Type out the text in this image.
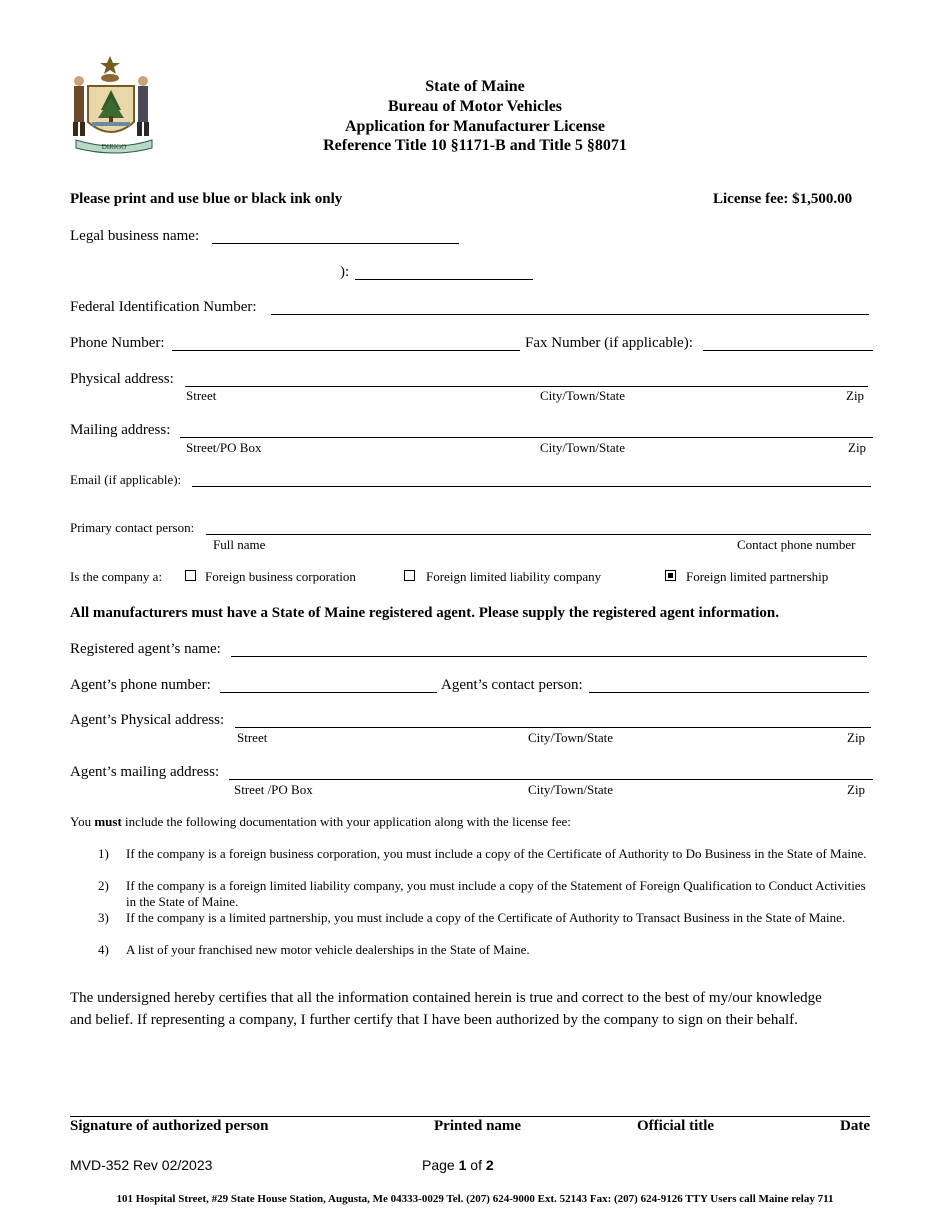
DIRIGO
State of Maine
Bureau of Motor Vehicles
Application for Manufacturer License
Reference Title 10 §1171-B and Title 5 §8071
Please print and use blue or black ink only	License fee: $1,500.00
Legal business name:
):
Federal Identification Number:
Phone Number:	Fax Number (if applicable):
Physical address:
Street	City/Town/State	Zip
Mailing address:
Street/PO Box	City/Town/State	Zip
Email (if applicable):
Primary contact person:
Full name	Contact phone number
Is the company a:	Foreign business corporation	Foreign limited liability company	Foreign limited partnership
All manufacturers must have a State of Maine registered agent. Please supply the registered agent information.
Registered agent’s name:
Agent’s phone number:	Agent’s contact person:
Agent’s Physical address:
Street	City/Town/State	Zip
Agent’s mailing address:
Street /PO Box	City/Town/State	Zip
You must include the following documentation with your application along with the license fee:
1) If the company is a foreign business corporation, you must include a copy of the Certificate of Authority to Do Business in the State of Maine.
2) If the company is a foreign limited liability company, you must include a copy of the Statement of Foreign Qualification to Conduct Activities in the State of Maine.
3) If the company is a limited partnership, you must include a copy of the Certificate of Authority to Transact Business in the State of Maine.
4) A list of your franchised new motor vehicle dealerships in the State of Maine.
The undersigned hereby certifies that all the information contained herein is true and correct to the best of my/our knowledge
and belief. If representing a company, I further certify that I have been authorized by the company to sign on their behalf.
Signature of authorized person	Printed name	Official title	Date
MVD-352 Rev 02/2023	Page 1 of 2
101 Hospital Street, #29 State House Station, Augusta, Me 04333-0029 Tel. (207) 624-9000 Ext. 52143 Fax: (207) 624-9126 TTY Users call Maine relay 711
